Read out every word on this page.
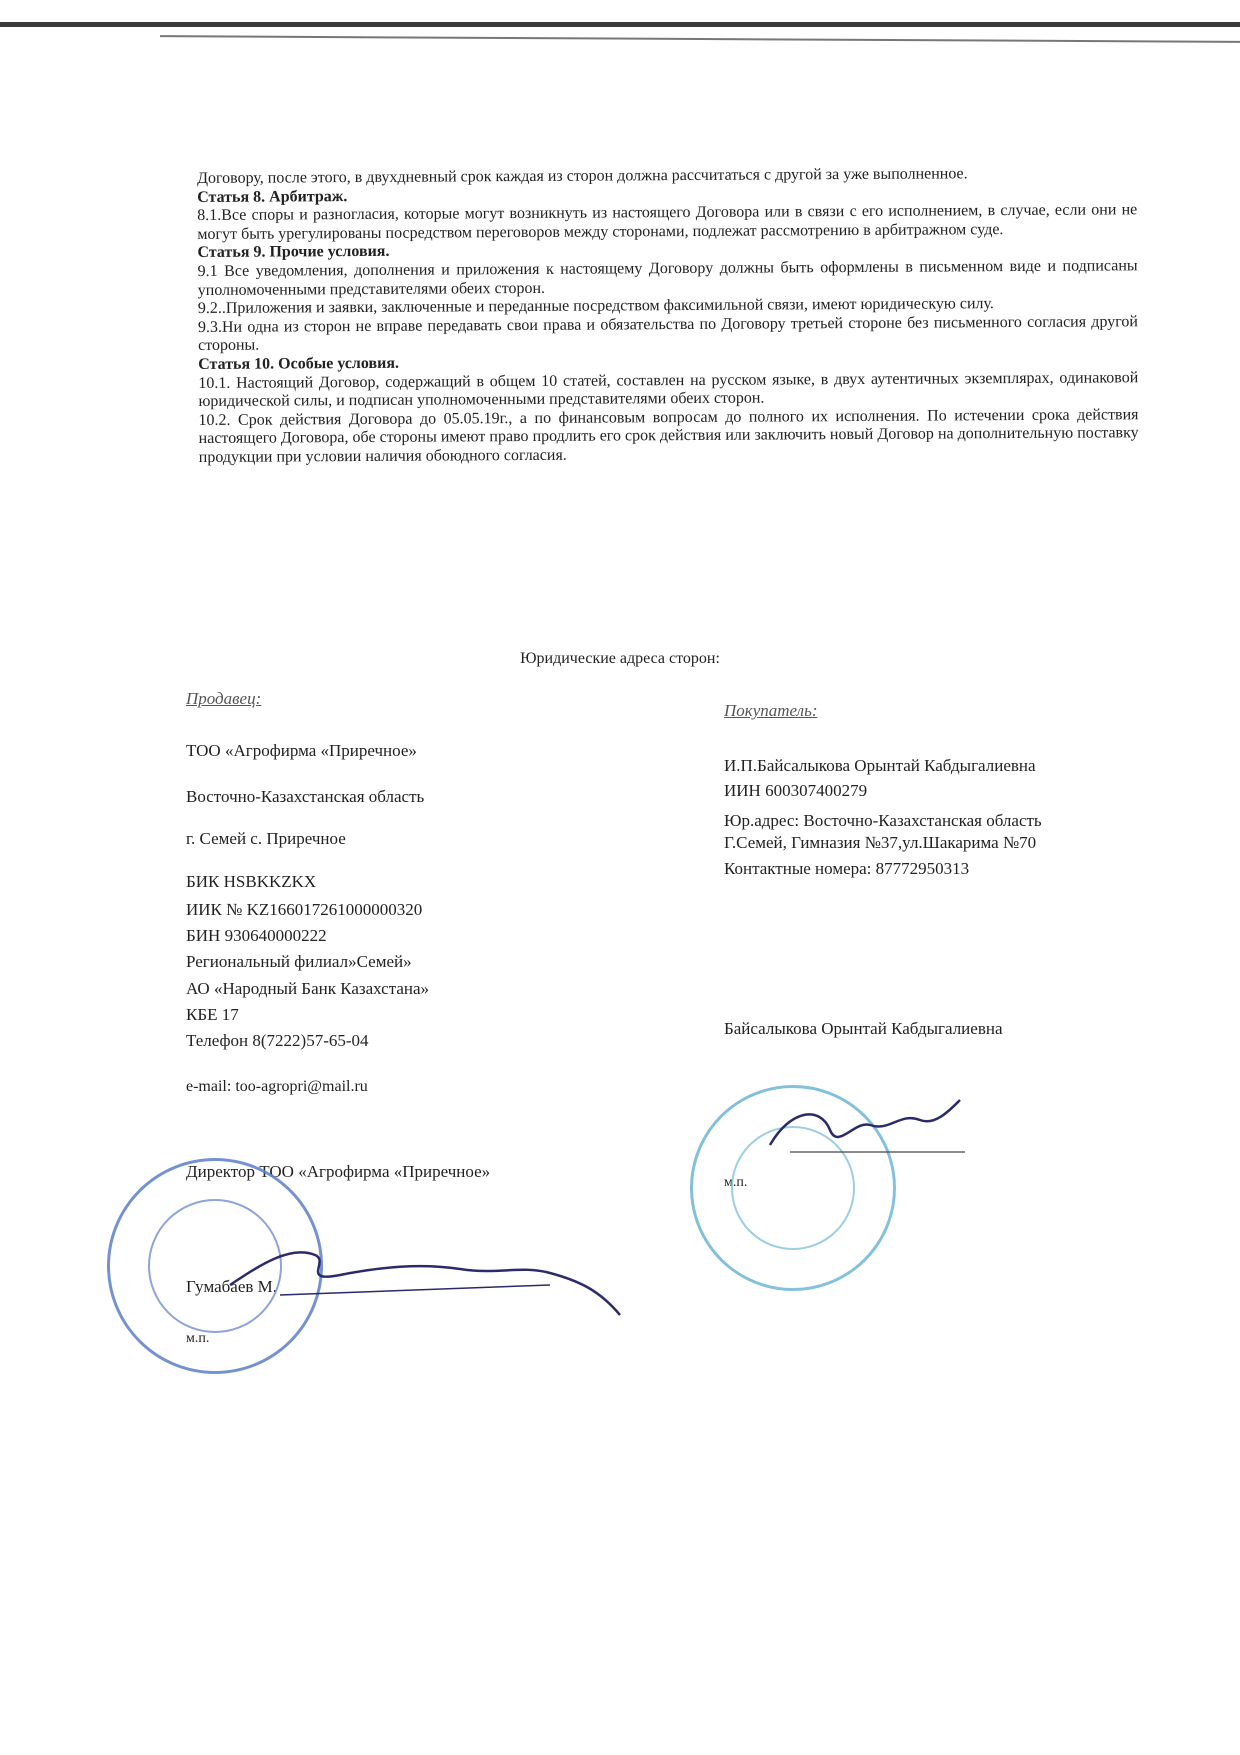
Договору, после этого, в двухдневный срок каждая из сторон должна рассчитаться с другой за уже выполненное.

Статья 8. Арбитраж.

8.1.Все споры и разногласия, которые могут возникнуть из настоящего Договора или в связи с его исполнением, в случае, если они не могут быть урегулированы посредством переговоров между сторонами, подлежат рассмотрению в арбитражном суде.

Статья 9. Прочие условия.

9.1 Все уведомления, дополнения и приложения к настоящему Договору должны быть оформлены в письменном виде и подписаны уполномоченными представителями обеих сторон.

9.2..Приложения и заявки, заключенные и переданные посредством факсимильной связи, имеют юридическую силу.

9.3.Ни одна из сторон не вправе передавать свои права и обязательства по Договору третьей стороне без письменного согласия другой стороны.

Статья 10. Особые условия.

10.1. Настоящий Договор, содержащий в общем 10 статей, составлен на русском языке, в двух аутентичных экземплярах, одинаковой юридической силы, и подписан уполномоченными представителями обеих сторон.

10.2. Срок действия Договора до 05.05.19г., а по финансовым вопросам до полного их исполнения. По истечении срока действия настоящего Договора, обе стороны имеют право продлить его срок действия или заключить новый Договор на дополнительную поставку продукции при условии наличия обоюдного согласия.

Юридические адреса сторон:
Продавец:
ТОО «Агрофирма «Приречное»
Восточно-Казахстанская область
г. Семей с. Приречное
БИК HSBKKZKX
ИИК № KZ166017261000000320
БИН 930640000222
Региональный филиал»Семей»
АО «Народный Банк Казахстана»
КБЕ 17
Телефон 8(7222)57-65-04
e-mail: too-agropri@mail.ru
Директор ТОО «Агрофирма «Приречное»
Гумабаев М.
м.п.
Покупатель:
И.П.Байсалыкова Орынтай Кабдыгалиевна
ИИН 600307400279
Юр.адрес: Восточно-Казахстанская область
Г.Семей, Гимназия №37,ул.Шакарима №70
Контактные номера: 87772950313
Байсалыкова Орынтай Кабдыгалиевна
м.п.
